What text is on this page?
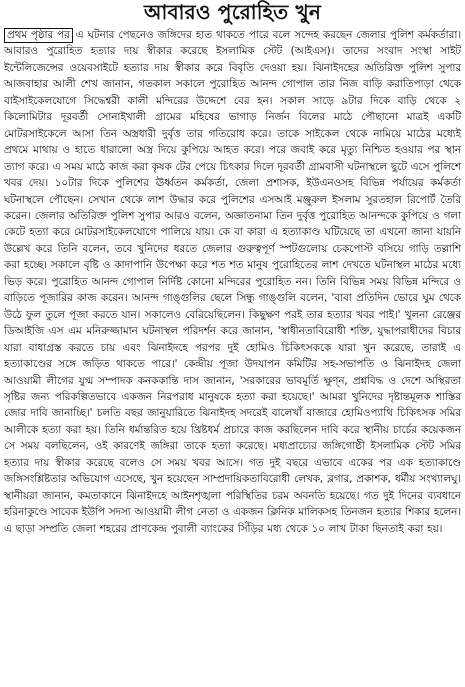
আবারও পুরোহিত খুন

প্রথম পৃষ্ঠার পর এ ঘটনার পেছনেও জঙ্গিদের হাত থাকতে পারে বলে সন্দেহ করছেন জেলার পুলিশ কর্মকর্তারা। আবারও পুরোহিত হত্যার দায় স্বীকার করেছে ইসলামিক স্টেট (আইএস)। তাদের সংবাদ সংস্থা সাইট ইন্টেলিজেন্সের ওয়েবসাইটে হত্যার দায় স্বীকার করে বিবৃতি দেওয়া হয়। ঝিনাইদহের অতিরিক্ত পুলিশ সুপার আজবাহার আলী শেখ জানান, গতকাল সকালে পুরোহিত আনন্দ গোপাল তার নিজ বাড়ি করাতিপাড়া থেকে বাইসাইকেলযোগে সিদ্ধেশ্বরী কালী মন্দিরের উদ্দেশে বের হন। সকাল সাড়ে ৯টার দিকে বাড়ি থেকে ২ কিলোমিটার দূরবর্তী সোনাইখালী গ্রামের মহিষের ভাগাড় নির্জন বিলের মাঠে পৌছানো মাত্রই একটি মোটরসাইকেলে আসা তিন অস্ত্রধারী দুর্বৃত্ত তার গতিরোধ করে। তাকে সাইকেল থেকে নামিয়ে মাঠের মধ্যেই প্রথমে মাথায় ও হাতে ধারালো অস্ত্র দিয়ে কুপিয়ে আহত করে। পরে জবাই করে মৃত্যু নিশ্চিত হওয়ার পর স্থান ত্যাগ করে। এ সময় মাঠে কাজ করা কৃষক টের পেয়ে চিৎকার দিলে দূরবর্তী গ্রামবাসী ঘটনাস্থলে ছুটে এসে পুলিশে খবর দেয়। ১০টার দিকে পুলিশের ঊর্ধ্বতন কর্মকর্তা, জেলা প্রশাসক, ইউএনওসহ বিভিন্ন পর্যায়ের কর্মকর্তা ঘটনাস্থলে পৌছেন। সেখান থেকে লাশ উদ্ধার করে পুলিশের এসআই মঞ্জুরুল ইসলাম সুরতহাল রিপোর্ট তৈরি করেন। জেলার অতিরিক্ত পুলিশ সুপার আরও বলেন, অজ্ঞাতনামা তিন দুর্বৃত্ত পুরোহিত আনন্দকে কুপিয়ে ও গলা কেটে হত্যা করে মোটরসাইকেলযোগে পালিয়ে যায়। কে বা কারা এ হত্যাকাণ্ড ঘটিয়েছে তা এখনো জানা যায়নি উল্লেখ করে তিনি বলেন, তবে খুনিদের ধরতে জেলার গুরুত্বপূর্ণ স্পটগুলোয় চেকপোস্ট বসিয়ে গাড়ি তল্লাশি করা হচ্ছে। সকালে বৃষ্টি ও কাদাপানি উপেক্ষা করে শত শত মানুষ পুরোহিতের লাশ দেখতে ঘটনাস্থল মাঠের মধ্যে ভিড় করে। পুরোহিত আনন্দ গোপাল নির্দিষ্ট কোনো মন্দিরের পুরোহিত নন। তিনি বিভিন্ন সময় বিভিন্ন মন্দিরে ও বাড়িতে পূজারির কাজ করেন। আনন্দ গাঙ্গুলির ছেলে সিন্ধু গাঙ্গুলি বলেন, 'বাবা প্রতিদিন ভোরে ঘুম থেকে উঠে ফুল তুলে পূজা করতে যান। সকালেও বেরিয়েছিলেন। কিছুক্ষণ পরই তার হত্যার খবর পাই।' খুলনা রেঞ্জের ডিআইজি এস এম মনিরুজ্জামান ঘটনাস্থল পরিদর্শন করে জানান, 'স্বাধীনতাবিরোধী শক্তি, যুদ্ধাপরাধীদের বিচার যারা বাধাগ্রস্ত করতে চায় এবং ঝিনাইদহে পরপর দুই হোমিও চিকিৎসককে যারা খুন করেছে, তারাই এ হত্যাকাণ্ডের সঙ্গে জড়িত থাকতে পারে।' কেন্দ্রীয় পূজা উদযাপন কমিটির সহ-সভাপতি ও ঝিনাইদহ জেলা আওয়ামী লীগের যুগ্ম সম্পাদক কনককান্তি দাস জানান, 'সরকারের ভাবমূর্তি ক্ষুণ্ন, প্রশ্নবিদ্ধ ও দেশে অস্থিরতা সৃষ্টির জন্য পরিকল্পিতভাবে একজন নিরপরাধ মানুষকে হত্যা করা হয়েছে।' আমরা খুনিদের দৃষ্টান্তমূলক শাস্তির জোর দাবি জানাচ্ছি।' চলতি বছর জানুয়ারিতে ঝিনাইদহ সদরেই বালেখাঁ বাজারে হোমিওপ্যাথি চিকিৎসক সমির আলীকে হত্যা করা হয়। তিনি ধর্মান্তরিত হয়ে খ্রিষ্টধর্ম প্রচারে কাজ করছিলেন দাবি করে স্থানীয় চার্চের কয়েকজন সে সময় বলছিলেন, ওই কারণেই জঙ্গিরা তাকে হত্যা করেছে। মধ্যপ্রাচ্যের জঙ্গিগোষ্ঠী ইসলামিক স্টেট সমির হত্যার দায় স্বীকার করেছে বলেও সে সময় খবর আসে। গত দুই বছরে এভাবে একের পর এক হত্যাকাণ্ডে জঙ্গিসংশ্লিষ্টতার অভিযোগ এসেছে, খুন হয়েছেন সাম্প্রদায়িকতাবিরোধী লেখক, ব্লগার, প্রকাশক, ধর্মীয় সংখ্যালঘু। স্থানীয়রা জানান, কমতাকানে ঝিনাইদহে আইনশৃঙ্খলা পরিস্থিতির চরম অবনতি হয়েছে। গত দুই দিনের ব্যবধানে হরিনাকুণ্ডে সাবেক ইউপি সদস্য আওয়ামী লীগ নেতা ও একজন ক্লিনিক মালিকসহ তিনজন হত্যার শিকার হলেন। এ ছাড়া সম্প্রতি জেলা শহরের প্রাণকেন্দ্র পুবালী ব্যাংকের সিঁড়ির মধ্য থেকে ১০ লাখ টাকা ছিনতাই করা হয়।
